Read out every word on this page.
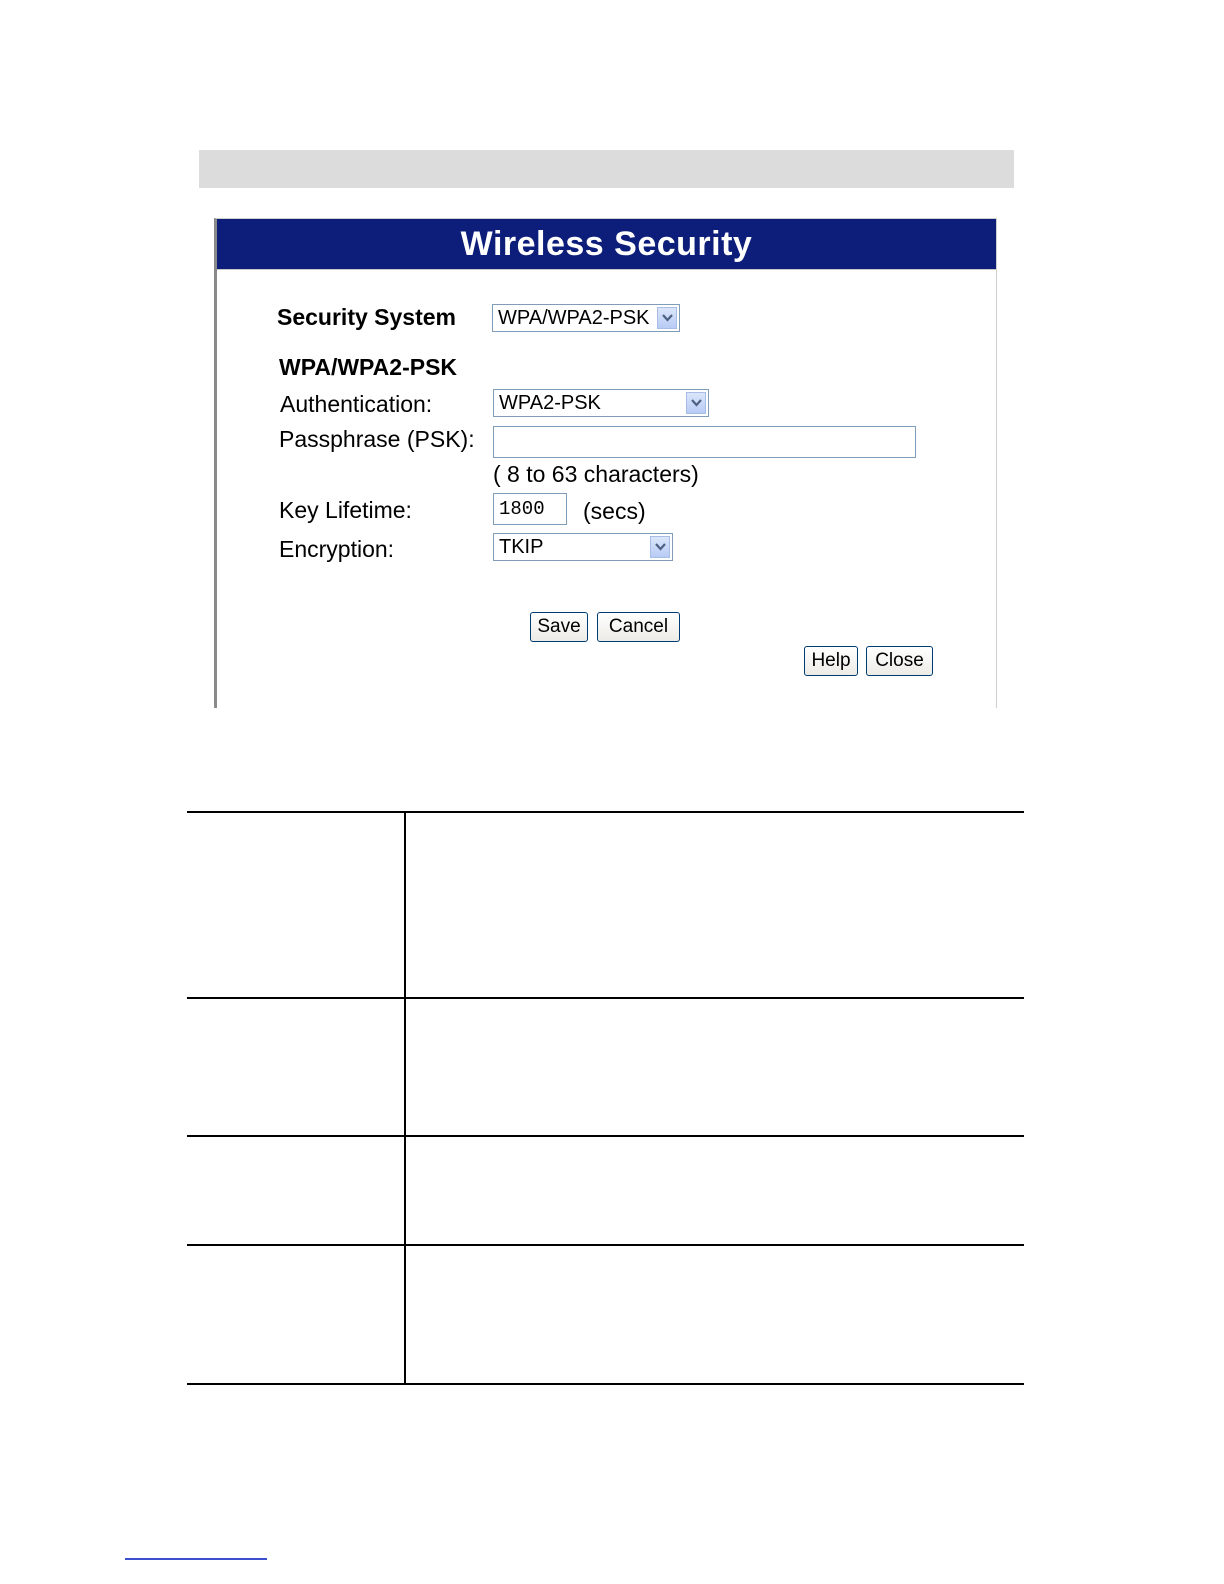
Wireless Security
Security System	WPA/WPA2-PSK
WPA/WPA2-PSK
Authentication:	WPA2-PSK
Passphrase (PSK):
( 8 to 63 characters)
Key Lifetime:	1800	(secs)
Encryption:	TKIP
Save	Cancel
Help	Close
